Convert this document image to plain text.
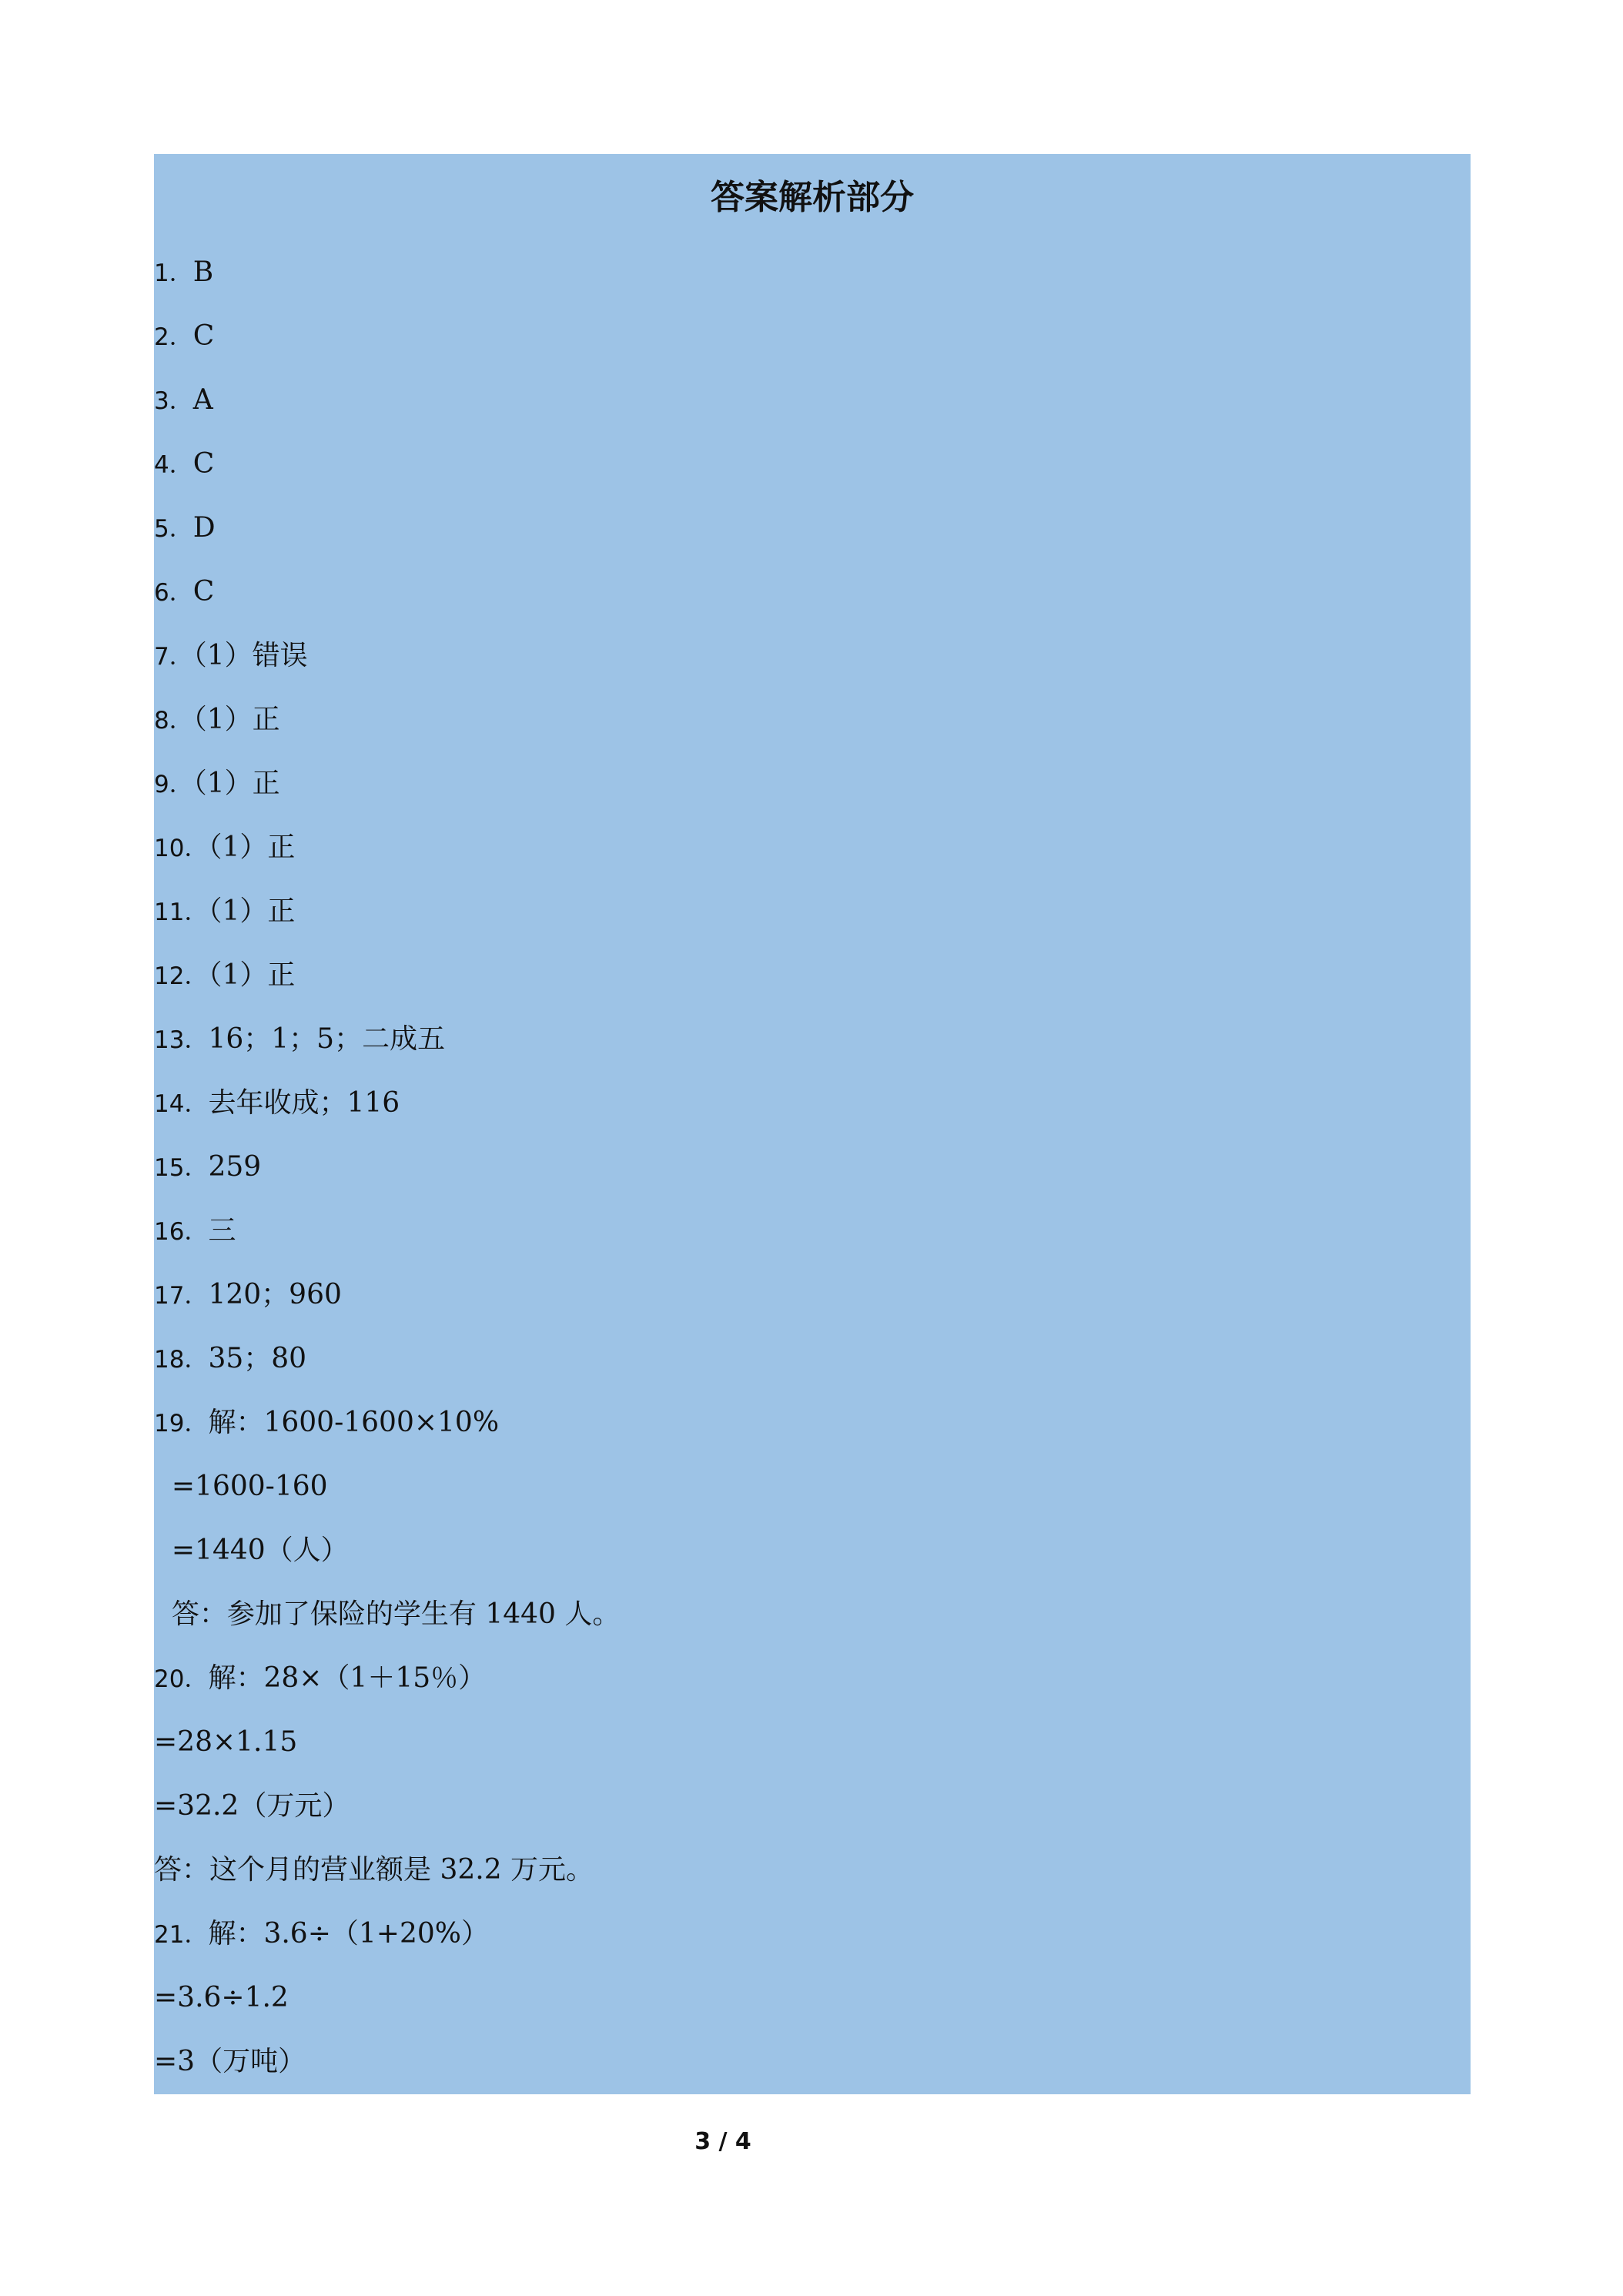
答案解析部分
1．B
2．C
3．A
4．C
5．D
6．C
7．（1）错误
8．（1）正
9．（1）正
10．（1）正
11．（1）正
12．（1）正
13．16；1；5；二成五
14．去年收成；116
15．259
16．三
17．120；960
18．35；80
19．解：1600-1600×10%
=1600-160
=1440（人）
答：参加了保险的学生有 1440 人。
20．解：28×（1＋15％）
=28×1.15
=32.2（万元）
答：这个月的营业额是 32.2 万元。
21．解：3.6÷（1+20%）
=3.6÷1.2
=3（万吨）
3 / 4
